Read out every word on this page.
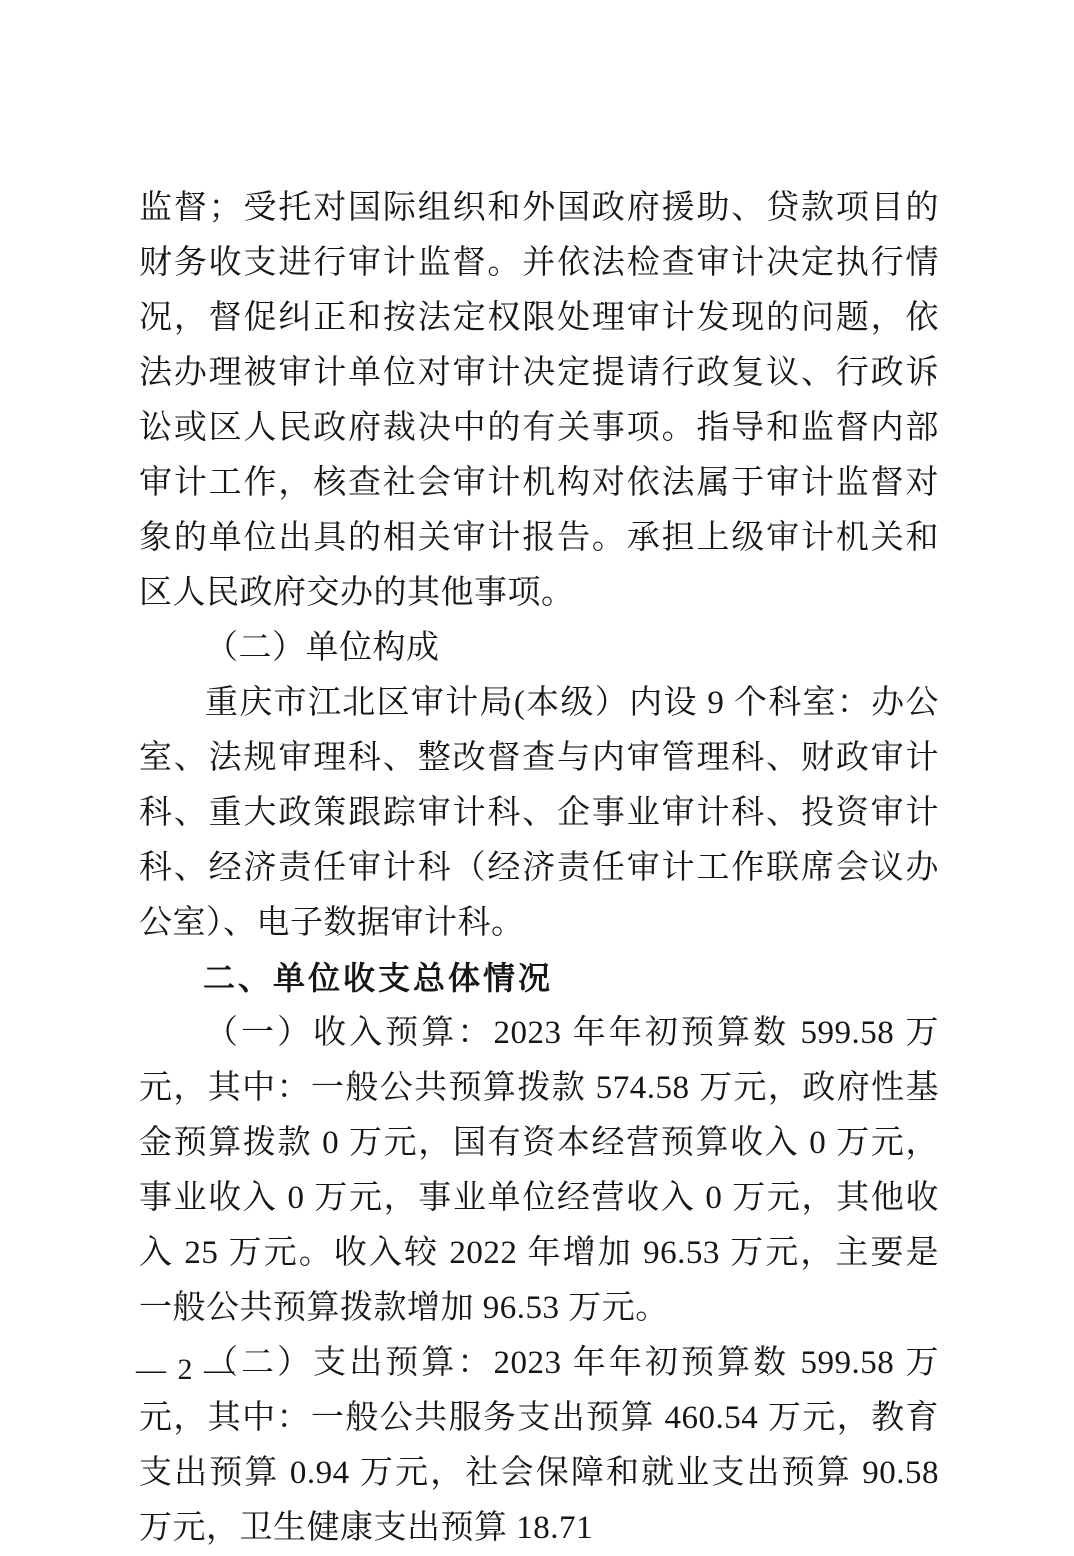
监督；受托对国际组织和外国政府援助、贷款项目的财务收支进行审计监督。并依法检查审计决定执行情况，督促纠正和按法定权限处理审计发现的问题，依法办理被审计单位对审计决定提请行政复议、行政诉讼或区人民政府裁决中的有关事项。指导和监督内部审计工作，核查社会审计机构对依法属于审计监督对象的单位出具的相关审计报告。承担上级审计机关和区人民政府交办的其他事项。

（二）单位构成

重庆市江北区审计局(本级）内设 9 个科室：办公室、法规审理科、整改督查与内审管理科、财政审计科、重大政策跟踪审计科、企事业审计科、投资审计科、经济责任审计科（经济责任审计工作联席会议办公室）、电子数据审计科。

二、单位收支总体情况

（一）收入预算：2023 年年初预算数 599.58 万元，其中：一般公共预算拨款 574.58 万元，政府性基金预算拨款 0 万元，国有资本经营预算收入 0 万元，事业收入 0 万元，事业单位经营收入 0 万元，其他收入 25 万元。收入较 2022 年增加 96.53 万元，主要是一般公共预算拨款增加 96.53 万元。

（二）支出预算：2023 年年初预算数 599.58 万元，其中：一般公共服务支出预算 460.54 万元，教育支出预算 0.94 万元，社会保障和就业支出预算 90.58 万元，卫生健康支出预算 18.71

— 2 —
